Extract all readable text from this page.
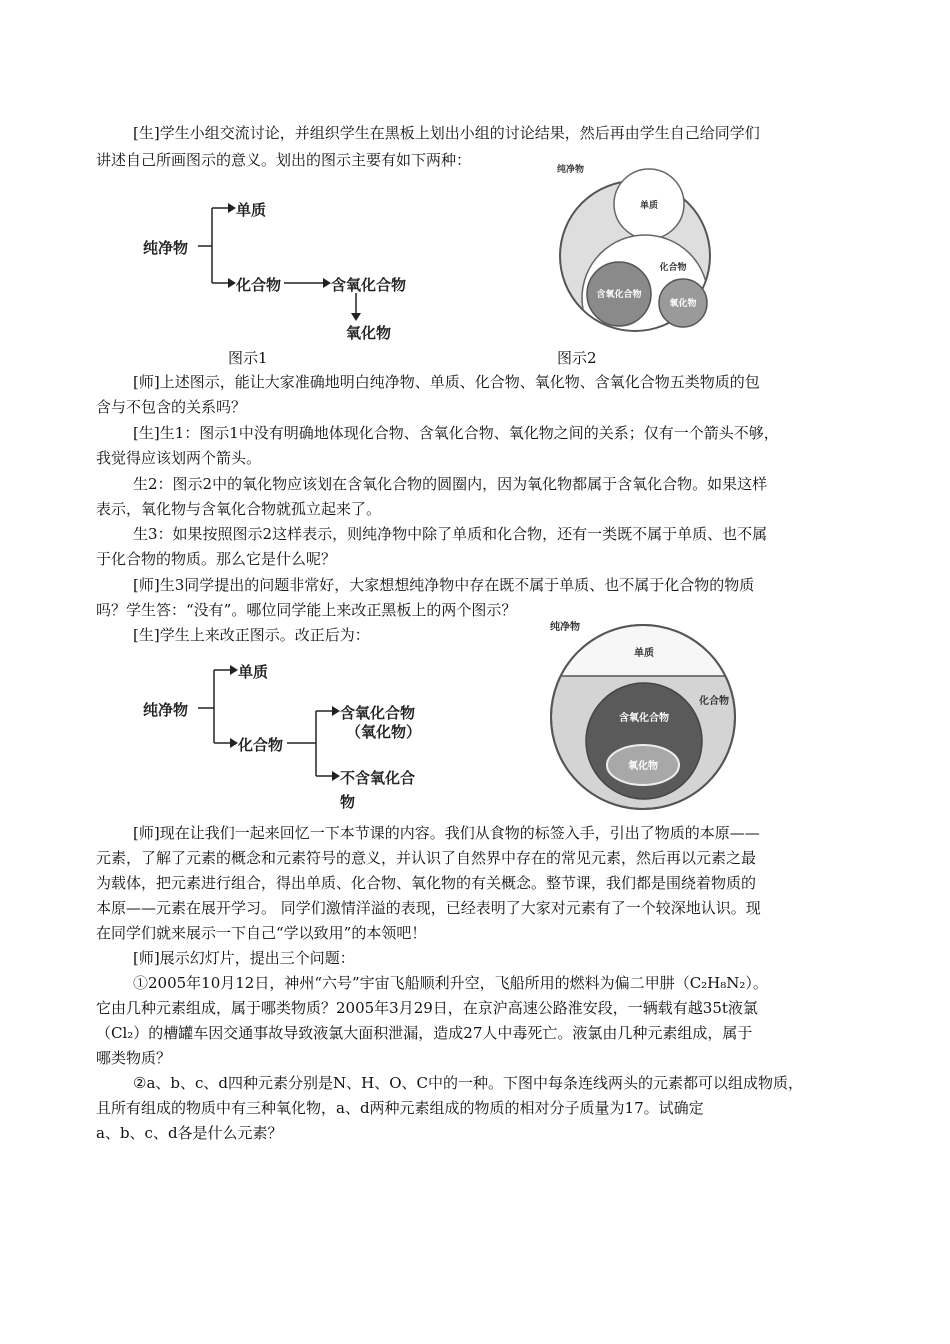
[生]学生小组交流讨论，并组织学生在黑板上划出小组的讨论结果，然后再由学生自己给同学们
讲述自己所画图示的意义。划出的图示主要有如下两种：
纯净物
单质
化合物	含氧化合物
氧化物
图示1
纯净物
单质
化合物
含氧化合物
氧化物
图示2
[师]上述图示，能让大家准确地明白纯净物、单质、化合物、氧化物、含氧化合物五类物质的包
含与不包含的关系吗？
[生]生1：图示1中没有明确地体现化合物、含氧化合物、氧化物之间的关系；仅有一个箭头不够，
我觉得应该划两个箭头。
生2：图示2中的氧化物应该划在含氧化合物的圆圈内，因为氧化物都属于含氧化合物。如果这样
表示，氧化物与含氧化合物就孤立起来了。
生3：如果按照图示2这样表示，则纯净物中除了单质和化合物，还有一类既不属于单质、也不属
于化合物的物质。那么它是什么呢？
[师]生3同学提出的问题非常好，大家想想纯净物中存在既不属于单质、也不属于化合物的物质
吗？学生答：“没有”。哪位同学能上来改正黑板上的两个图示？
[生]学生上来改正图示。改正后为：
纯净物
单质
化合物
含氧化合物
（氧化物）
不含氧化合
物
纯净物
单质
化合物
含氧化合物
氧化物
[师]现在让我们一起来回忆一下本节课的内容。我们从食物的标签入手，引出了物质的本原——
元素，了解了元素的概念和元素符号的意义，并认识了自然界中存在的常见元素，然后再以元素之最
为载体，把元素进行组合，得出单质、化合物、氧化物的有关概念。整节课，我们都是围绕着物质的
本原——元素在展开学习。 同学们激情洋溢的表现，已经表明了大家对元素有了一个较深地认识。现
在同学们就来展示一下自己“学以致用”的本领吧！
[师]展示幻灯片，提出三个问题：
①2005年10月12日，神州“六号”宇宙飞船顺利升空，飞船所用的燃料为偏二甲肼（C₂H₈N₂）。
它由几种元素组成，属于哪类物质？2005年3月29日，在京沪高速公路淮安段，一辆载有越35t液氯
（Cl₂）的槽罐车因交通事故导致液氯大面积泄漏，造成27人中毒死亡。液氯由几种元素组成，属于
哪类物质？
②a、b、c、d四种元素分别是N、H、O、C中的一种。下图中每条连线两头的元素都可以组成物质，
且所有组成的物质中有三种氧化物，a、d两种元素组成的物质的相对分子质量为17。试确定
a、b、c、d各是什么元素？
